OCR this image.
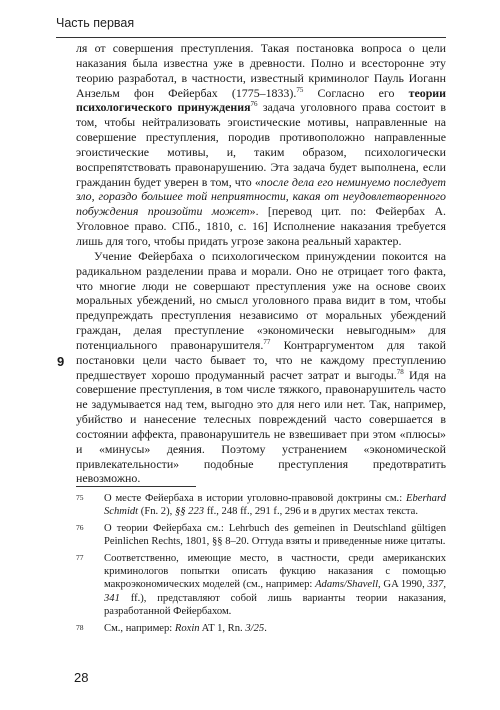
Часть первая
9

ля от совершения преступления. Такая постановка вопроса о цели наказания была известна уже в древности. Полно и всесторонне эту теорию разработал, в частности, известный криминолог Пауль Иоганн Анзельм фон Фейербах (1775–1833).$^{75}$ Согласно его теории психологического принуждения$^{76}$ задача уголовного права состоит в том, чтобы нейтрализовать эгоистические мотивы, направленные на совершение преступления, породив противоположно направленные эгоистические мотивы, и, таким образом, психологически воспрепятствовать правонарушению. Эта задача будет выполнена, если гражданин будет уверен в том, что «после дела его неминуемо последует зло, гораздо большее той неприятности, какая от неудовлетворенного побуждения произойти может». [перевод цит. по: Фейербах А. Уголовное право. СПб., 1810, с. 16] Исполнение наказания требуется лишь для того, чтобы придать угрозе закона реальный характер.

Учение Фейербаха о психологическом принуждении покоится на радикальном разделении права и морали. Оно не отрицает того факта, что многие люди не совершают преступления уже на основе своих моральных убеждений, но смысл уголовного права видит в том, чтобы предупреждать преступления независимо от моральных убеждений граждан, делая преступление «экономически невыгодным» для потенциального правонарушителя.$^{77}$ Контраргументом для такой постановки цели часто бывает то, что не каждому преступлению предшествует хорошо продуманный расчет затрат и выгоды.$^{78}$ Идя на совершение преступления, в том числе тяжкого, правонарушитель часто не задумывается над тем, выгодно это для него или нет. Так, например, убийство и нанесение телесных повреждений часто совершается в состоянии аффекта, правонарушитель не взвешивает при этом «плюсы» и «минусы» деяния. Поэтому устранением «экономической привлекательности» подобные преступления предотвратить невозможно.

75 О месте Фейербаха в истории уголовно-правовой доктрины см.: Eberhard Schmidt (Fn. 2), §§ 223 ff., 248 ff., 291 f., 296 и в других местах текста.
76 О теории Фейербаха см.: Lehrbuch des gemeinen in Deutschland gültigen Peinlichen Rechts, 1801, §§ 8–20. Оттуда взяты и приведенные ниже цитаты.
77 Соответственно, имеющие место, в частности, среди американских криминологов попытки описать фукцию наказания с помощью макроэкономических моделей (см., например: Adams/Shavell, GA 1990, 337, 341 ff.), представляют собой лишь варианты теории наказания, разработанной Фейербахом.
78 См., например: Roxin AT 1, Rn. 3/25.
28
